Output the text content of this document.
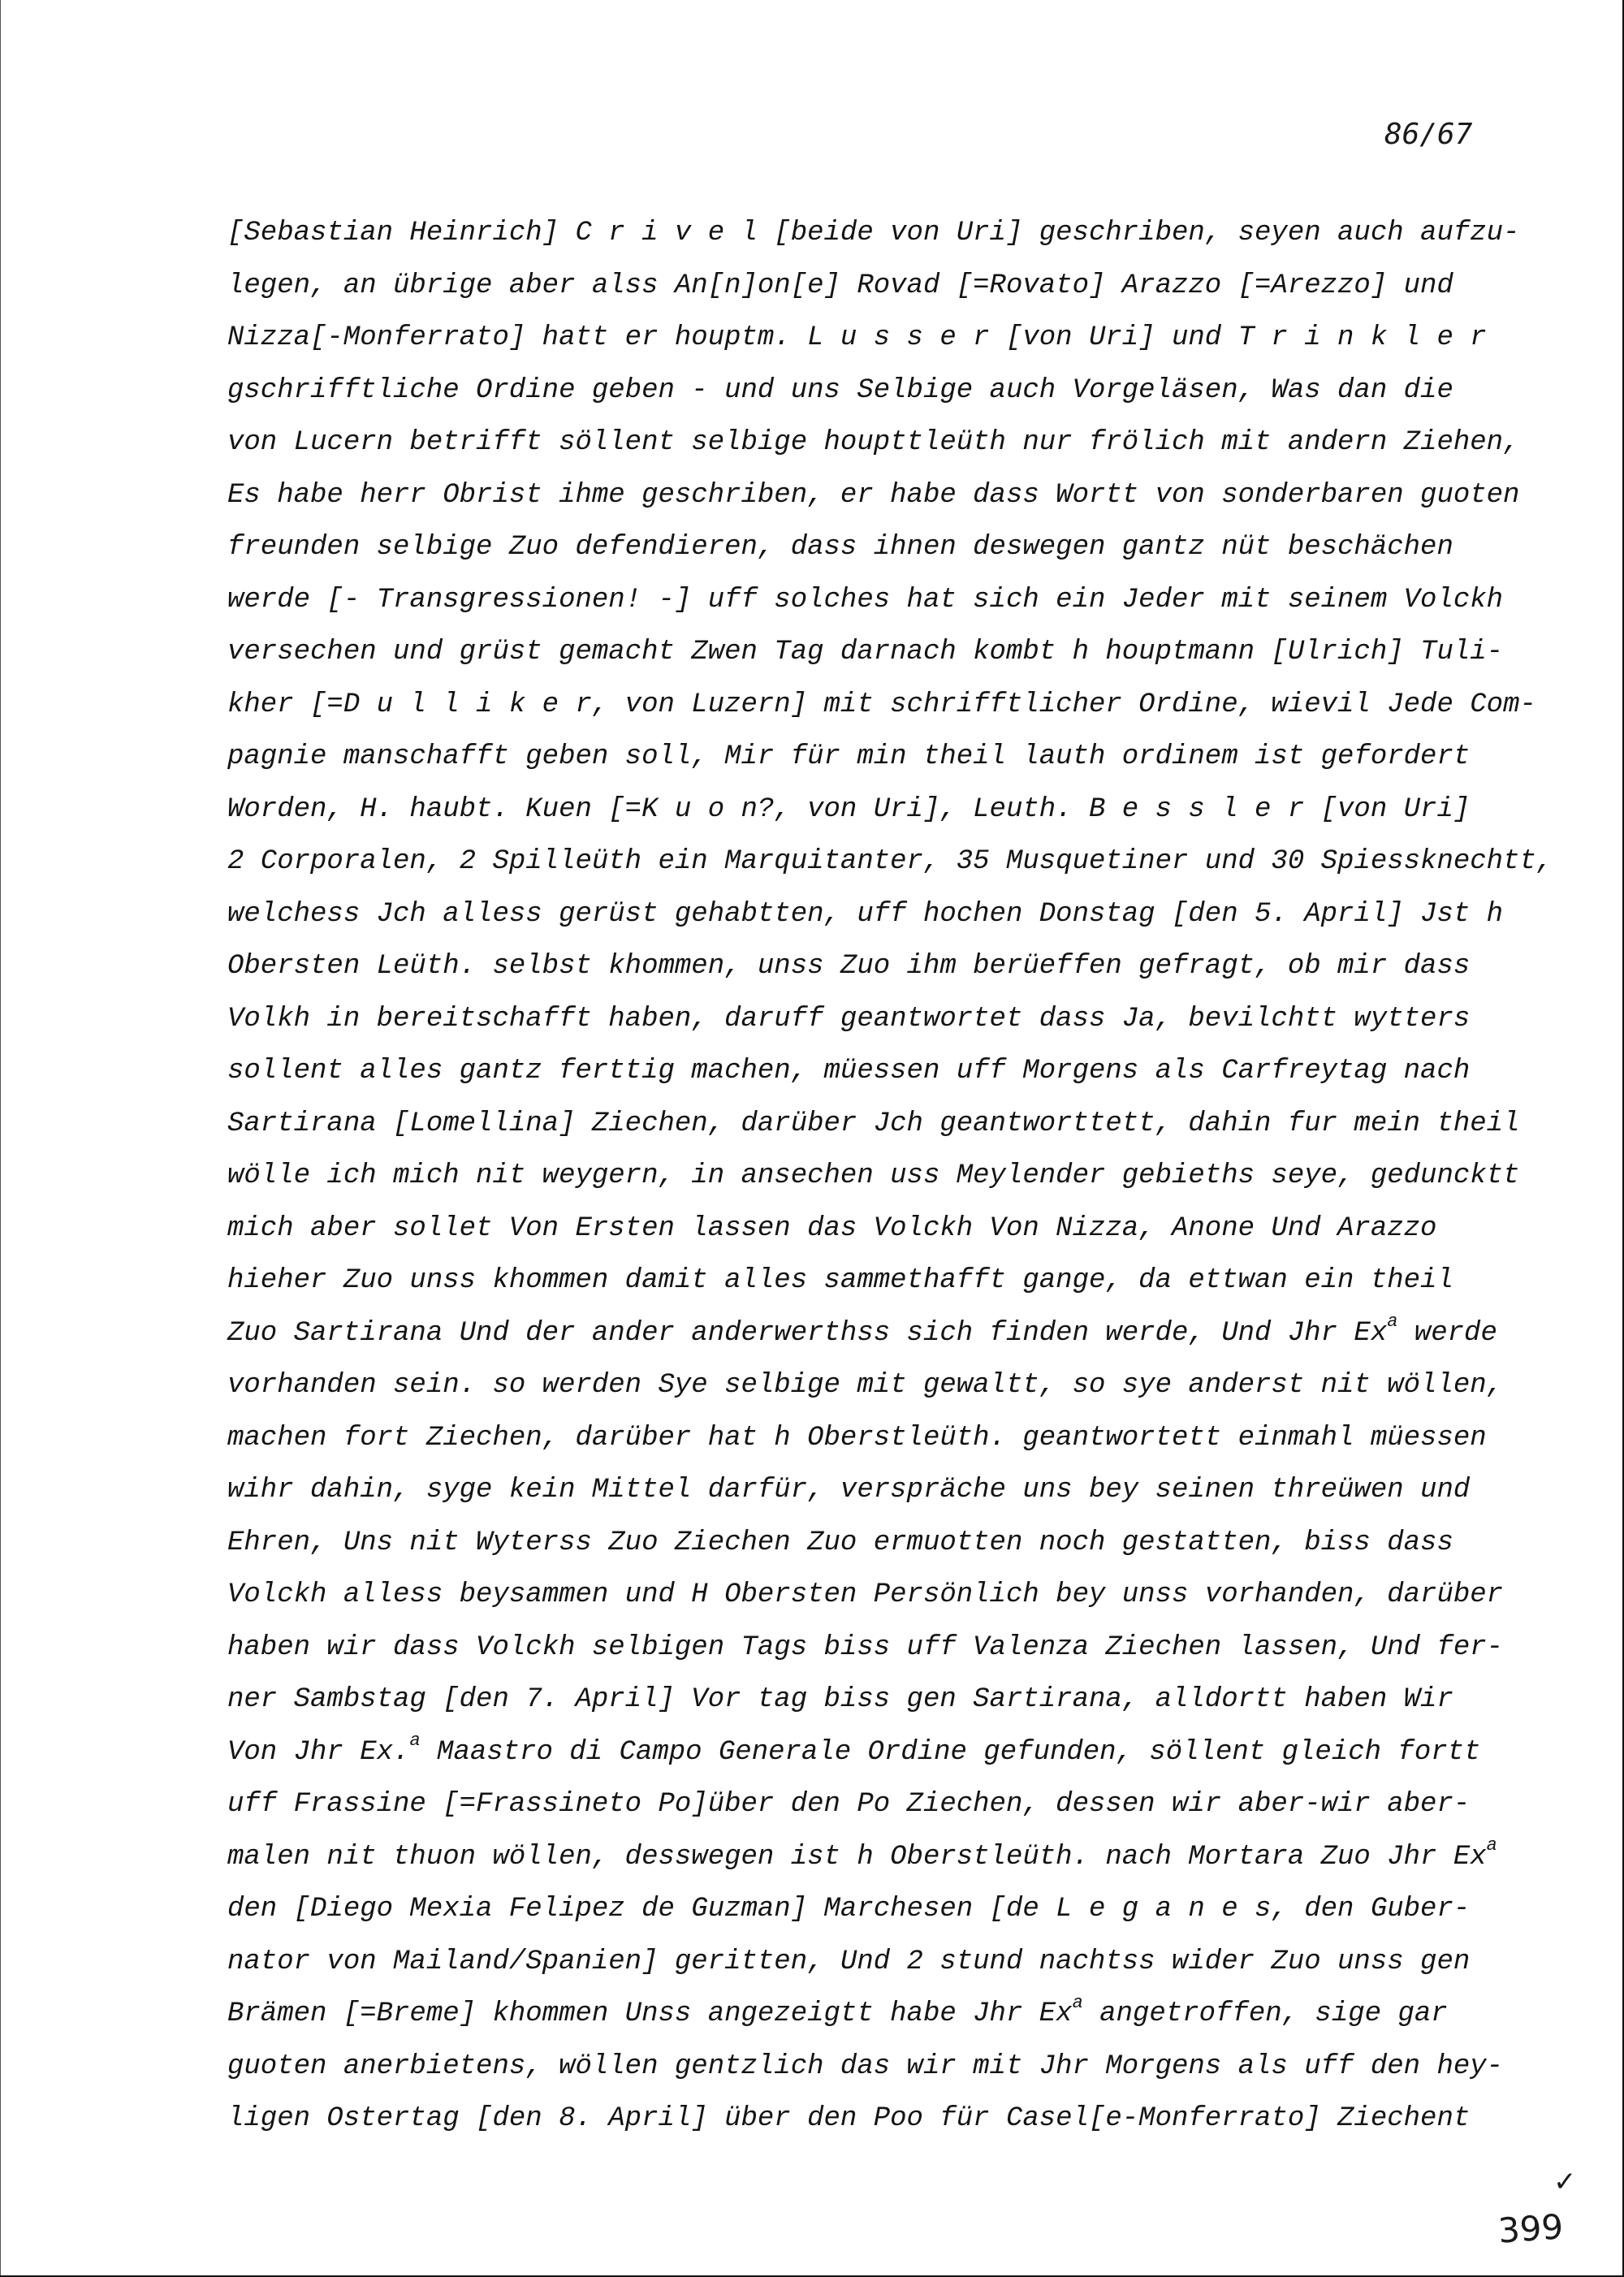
86/67
[Sebastian Heinrich] C r i v e l [beide von Uri] geschriben, seyen auch aufzu-
legen, an übrige aber alss An[n]on[e] Rovad [=Rovato] Arazzo [=Arezzo] und
Nizza[-Monferrato] hatt er houptm. L u s s e r [von Uri] und T r i n k l e r
gschrifftliche Ordine geben - und uns Selbige auch Vorgeläsen, Was dan die
von Lucern betrifft söllent selbige houpttleüth nur frölich mit andern Ziehen,
Es habe herr Obrist ihme geschriben, er habe dass Wortt von sonderbaren guoten
freunden selbige Zuo defendieren, dass ihnen deswegen gantz nüt beschächen
werde [- Transgressionen! -] uff solches hat sich ein Jeder mit seinem Volckh
versechen und grüst gemacht Zwen Tag darnach kombt h houptmann [Ulrich] Tuli-
kher [=D u l l i k e r, von Luzern] mit schrifftlicher Ordine, wievil Jede Com-
pagnie manschafft geben soll, Mir für min theil lauth ordinem ist gefordert
Worden, H. haubt. Kuen [=K u o n?, von Uri], Leuth. B e s s l e r [von Uri]
2 Corporalen, 2 Spilleüth ein Marquitanter, 35 Musquetiner und 30 Spiessknechtt,
welchess Jch alless gerüst gehabtten, uff hochen Donstag [den 5. April] Jst h
Obersten Leüth. selbst khommen, unss Zuo ihm berüeffen gefragt, ob mir dass
Volkh in bereitschafft haben, daruff geantwortet dass Ja, bevilchtt wytters
sollent alles gantz ferttig machen, müessen uff Morgens als Carfreytag nach
Sartirana [Lomellina] Ziechen, darüber Jch geantworttett, dahin fur mein theil
wölle ich mich nit weygern, in ansechen uss Meylender gebieths seye, geduncktt
mich aber sollet Von Ersten lassen das Volckh Von Nizza, Anone Und Arazzo
hieher Zuo unss khommen damit alles sammethafft gange, da ettwan ein theil
Zuo Sartirana Und der ander anderwerthss sich finden werde, Und Jhr Ex$^a$ werde
vorhanden sein. so werden Sye selbige mit gewaltt, so sye anderst nit wöllen,
machen fort Ziechen, darüber hat h Oberstleüth. geantwortett einmahl müessen
wihr dahin, syge kein Mittel darfür, verspräche uns bey seinen threüwen und
Ehren, Uns nit Wyterss Zuo Ziechen Zuo ermuotten noch gestatten, biss dass
Volckh alless beysammen und H Obersten Persönlich bey unss vorhanden, darüber
haben wir dass Volckh selbigen Tags biss uff Valenza Ziechen lassen, Und fer-
ner Sambstag [den 7. April] Vor tag biss gen Sartirana, alldortt haben Wir
Von Jhr Ex.$^a$ Maastro di Campo Generale Ordine gefunden, söllent gleich fortt
uff Frassine [=Frassineto Po]über den Po Ziechen, dessen wir aber-wir aber-
malen nit thuon wöllen, desswegen ist h Oberstleüth. nach Mortara Zuo Jhr Ex$^a$
den [Diego Mexia Felipez de Guzman] Marchesen [de L e g a n e s, den Guber-
nator von Mailand/Spanien] geritten, Und 2 stund nachtss wider Zuo unss gen
Brämen [=Breme] khommen Unss angezeigtt habe Jhr Ex$^a$ angetroffen, sige gar
guoten anerbietens, wöllen gentzlich das wir mit Jhr Morgens als uff den hey-
ligen Ostertag [den 8. April] über den Poo für Casel[e-Monferrato] Ziechent
✓
399
